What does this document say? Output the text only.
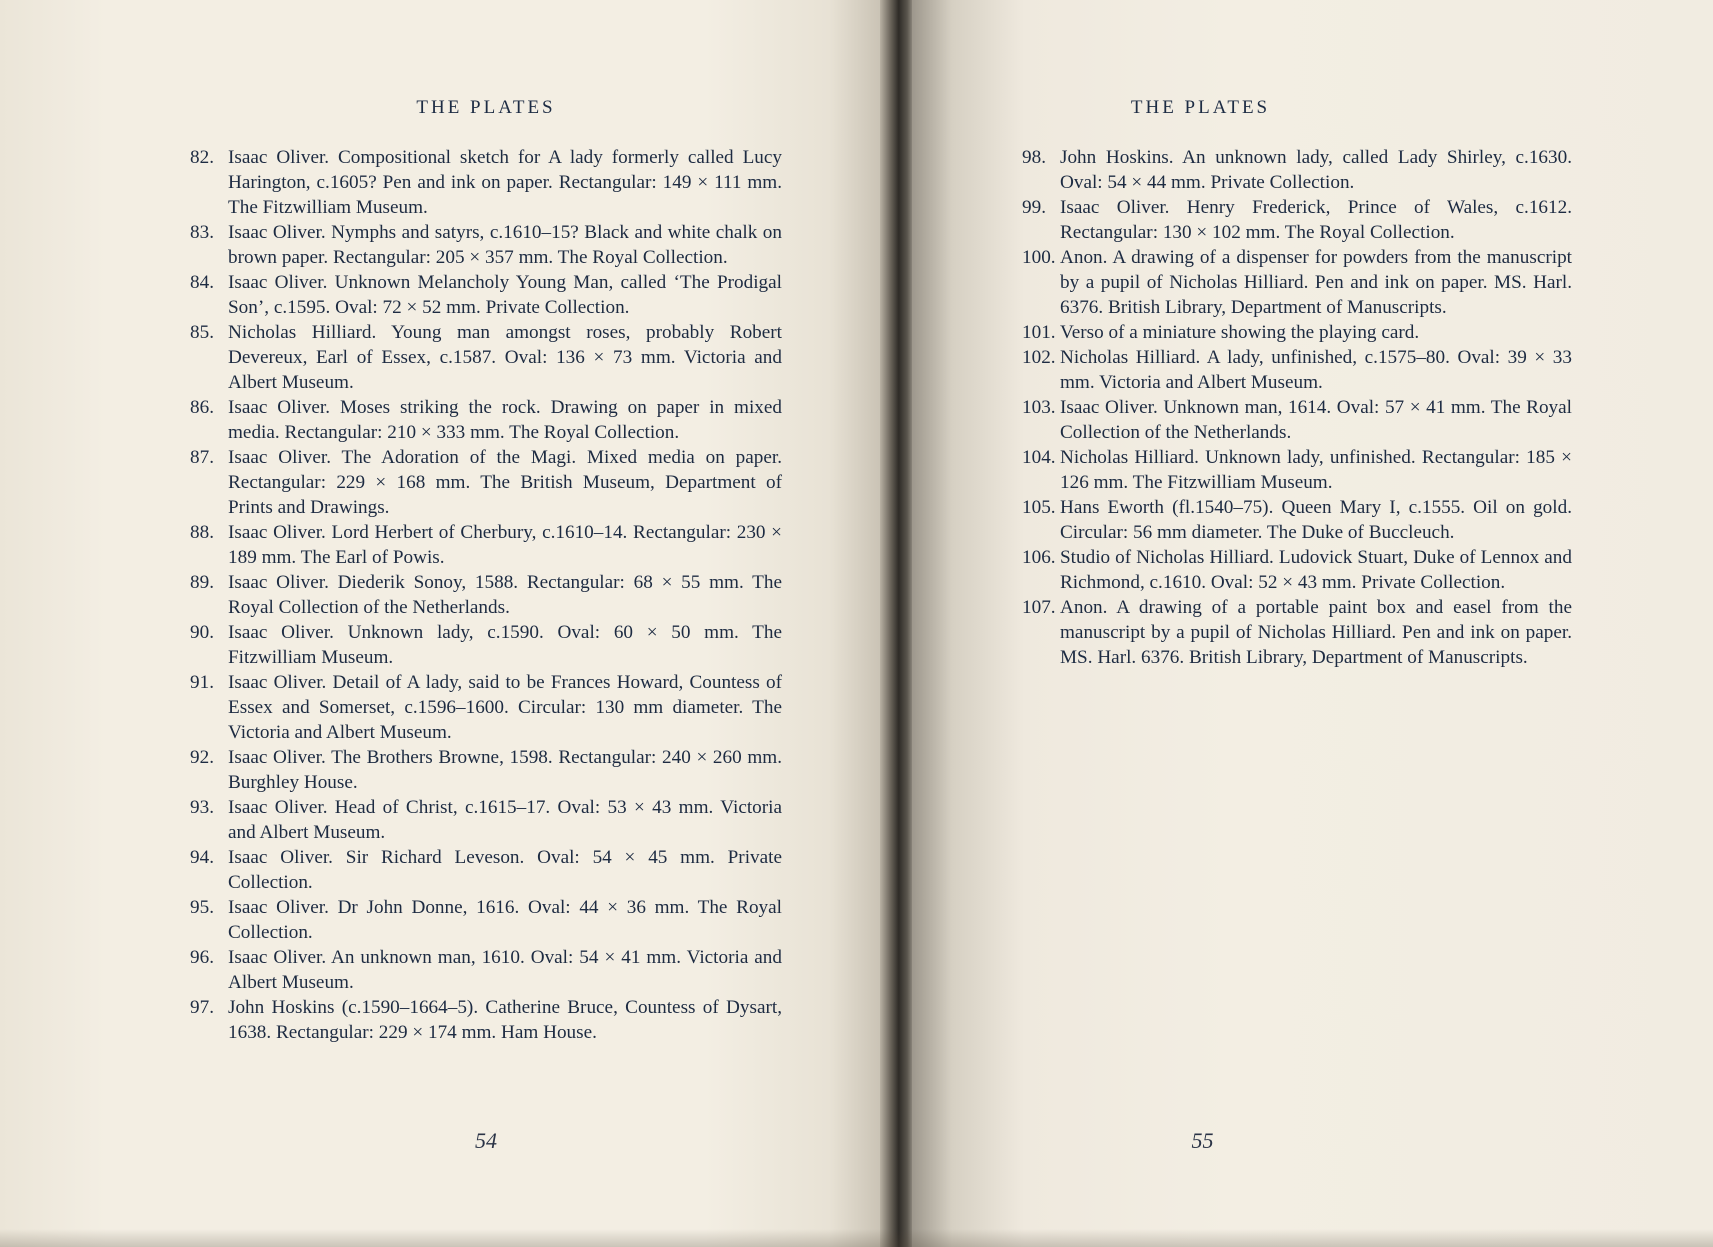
THE PLATES
82. Isaac Oliver. Compositional sketch for A lady formerly called Lucy Harington, c.1605? Pen and ink on paper. Rectangular: 149 × 111 mm. The Fitzwilliam Museum.
83. Isaac Oliver. Nymphs and satyrs, c.1610–15? Black and white chalk on brown paper. Rectangular: 205 × 357 mm. The Royal Collection.
84. Isaac Oliver. Unknown Melancholy Young Man, called ‘The Prodigal Son’, c.1595. Oval: 72 × 52 mm. Private Collection.
85. Nicholas Hilliard. Young man amongst roses, probably Robert Devereux, Earl of Essex, c.1587. Oval: 136 × 73 mm. Victoria and Albert Museum.
86. Isaac Oliver. Moses striking the rock. Drawing on paper in mixed media. Rectangular: 210 × 333 mm. The Royal Collection.
87. Isaac Oliver. The Adoration of the Magi. Mixed media on paper. Rectangular: 229 × 168 mm. The British Museum, Department of Prints and Drawings.
88. Isaac Oliver. Lord Herbert of Cherbury, c.1610–14. Rectangular: 230 × 189 mm. The Earl of Powis.
89. Isaac Oliver. Diederik Sonoy, 1588. Rectangular: 68 × 55 mm. The Royal Collection of the Netherlands.
90. Isaac Oliver. Unknown lady, c.1590. Oval: 60 × 50 mm. The Fitzwilliam Museum.
91. Isaac Oliver. Detail of A lady, said to be Frances Howard, Countess of Essex and Somerset, c.1596–1600. Circular: 130 mm diameter. The Victoria and Albert Museum.
92. Isaac Oliver. The Brothers Browne, 1598. Rectangular: 240 × 260 mm. Burghley House.
93. Isaac Oliver. Head of Christ, c.1615–17. Oval: 53 × 43 mm. Victoria and Albert Museum.
94. Isaac Oliver. Sir Richard Leveson. Oval: 54 × 45 mm. Private Collection.
95. Isaac Oliver. Dr John Donne, 1616. Oval: 44 × 36 mm. The Royal Collection.
96. Isaac Oliver. An unknown man, 1610. Oval: 54 × 41 mm. Victoria and Albert Museum.
97. John Hoskins (c.1590–1664–5). Catherine Bruce, Countess of Dysart, 1638. Rectangular: 229 × 174 mm. Ham House.
54
THE PLATES
98. John Hoskins. An unknown lady, called Lady Shirley, c.1630. Oval: 54 × 44 mm. Private Collection.
99. Isaac Oliver. Henry Frederick, Prince of Wales, c.1612. Rectangular: 130 × 102 mm. The Royal Collection.
100. Anon. A drawing of a dispenser for powders from the manuscript by a pupil of Nicholas Hilliard. Pen and ink on paper. MS. Harl. 6376. British Library, Department of Manuscripts.
101. Verso of a miniature showing the playing card.
102. Nicholas Hilliard. A lady, unfinished, c.1575–80. Oval: 39 × 33 mm. Victoria and Albert Museum.
103. Isaac Oliver. Unknown man, 1614. Oval: 57 × 41 mm. The Royal Collection of the Netherlands.
104. Nicholas Hilliard. Unknown lady, unfinished. Rectangular: 185 × 126 mm. The Fitzwilliam Museum.
105. Hans Eworth (fl.1540–75). Queen Mary I, c.1555. Oil on gold. Circular: 56 mm diameter. The Duke of Buccleuch.
106. Studio of Nicholas Hilliard. Ludovick Stuart, Duke of Lennox and Richmond, c.1610. Oval: 52 × 43 mm. Private Collection.
107. Anon. A drawing of a portable paint box and easel from the manuscript by a pupil of Nicholas Hilliard. Pen and ink on paper. MS. Harl. 6376. British Library, Department of Manuscripts.
55
